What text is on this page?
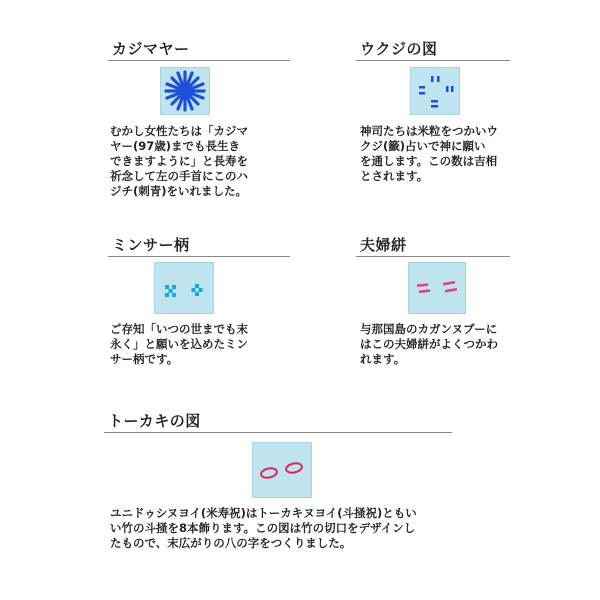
カジマヤー
むかし女性たちは「カジマ
ヤー(97歳)までも長生き
できますように」と長寿を
祈念して左の手首にこのハ
ジチ(刺青)をいれました。
ウクジの図
神司たちは米粒をつかいウ
クジ(籤)占いで神に願い
を通します。この数は吉相
とされます。
ミンサー柄
ご存知「いつの世までも末
永く」と願いを込めたミン
サー柄です。
夫婦絣
与那国島のカガンヌブーに
はこの夫婦絣がよくつかわ
れます。
トーカキの図
ユニドゥシヌヨイ(米寿祝)はトーカキヌヨイ(斗掻祝)ともい
い竹の斗掻を8本飾ります。この図は竹の切口をデザインし
たもので、末広がりの八の字をつくりました。
